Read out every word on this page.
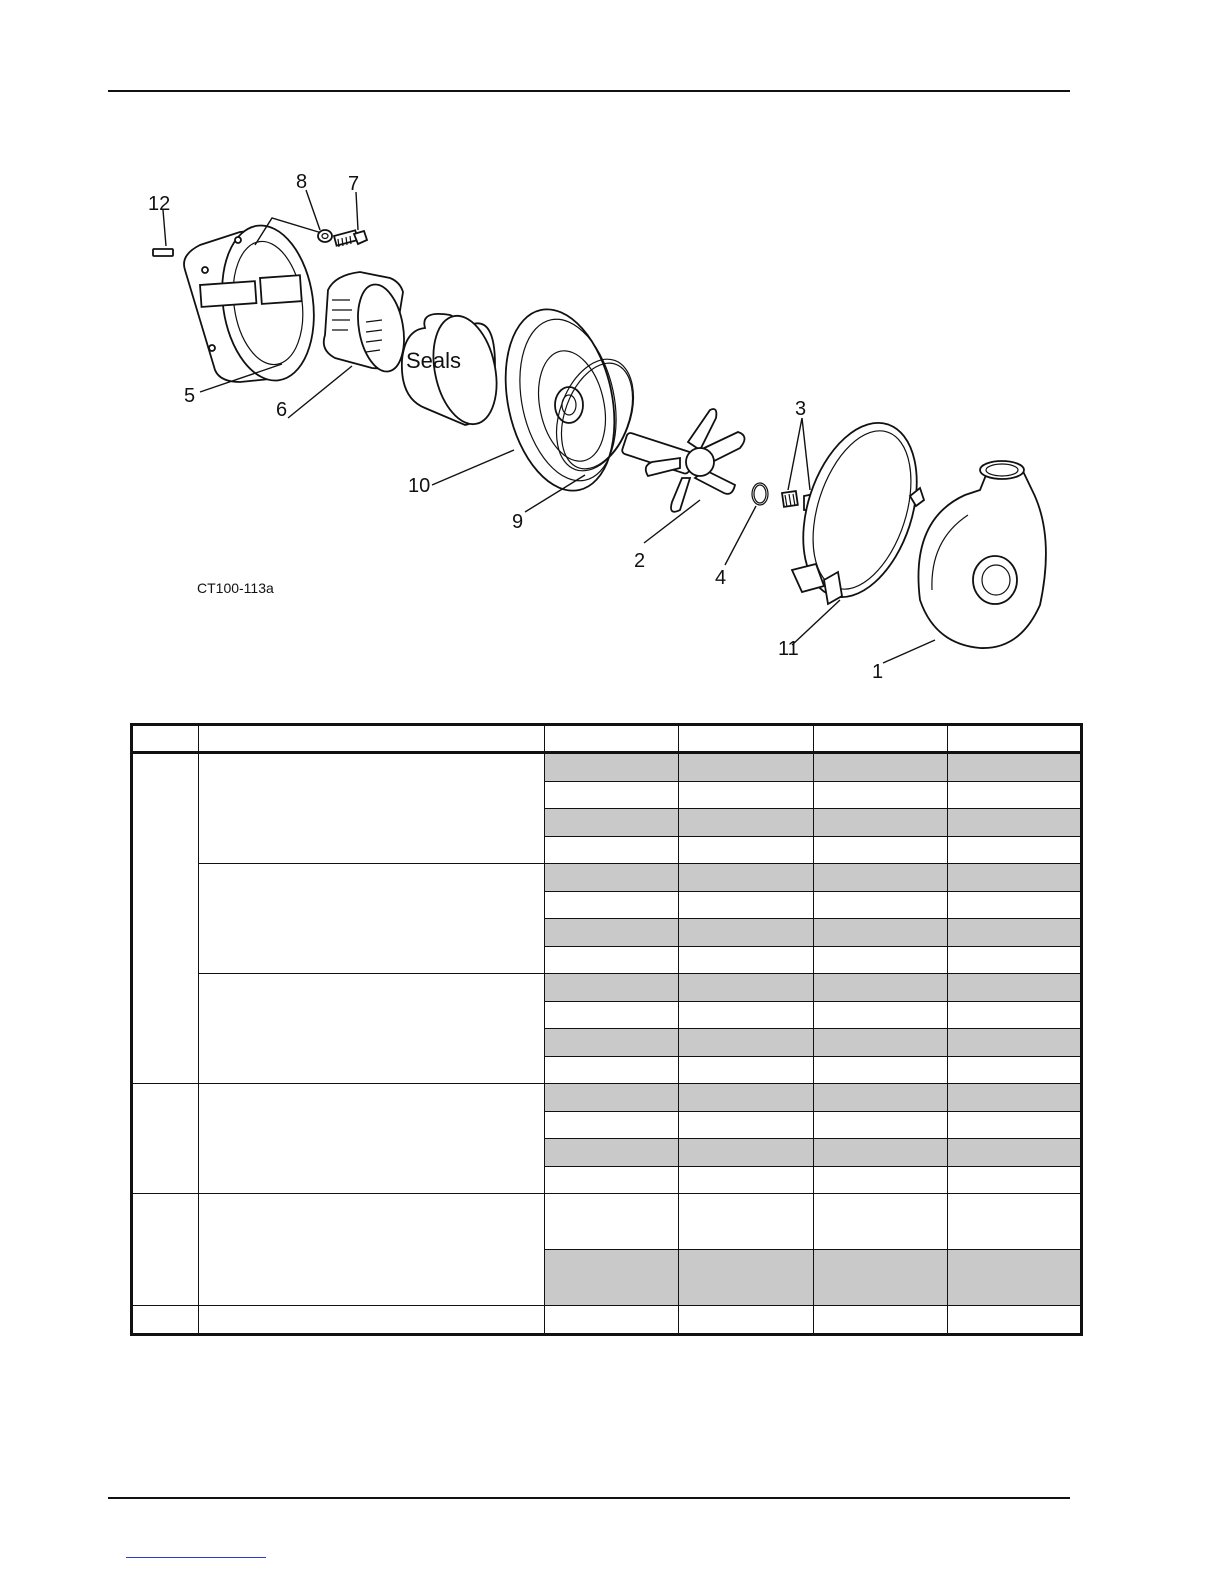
Seals
12
8 7
5
6
10
9
2
4
3
11
1
CT100-113a
